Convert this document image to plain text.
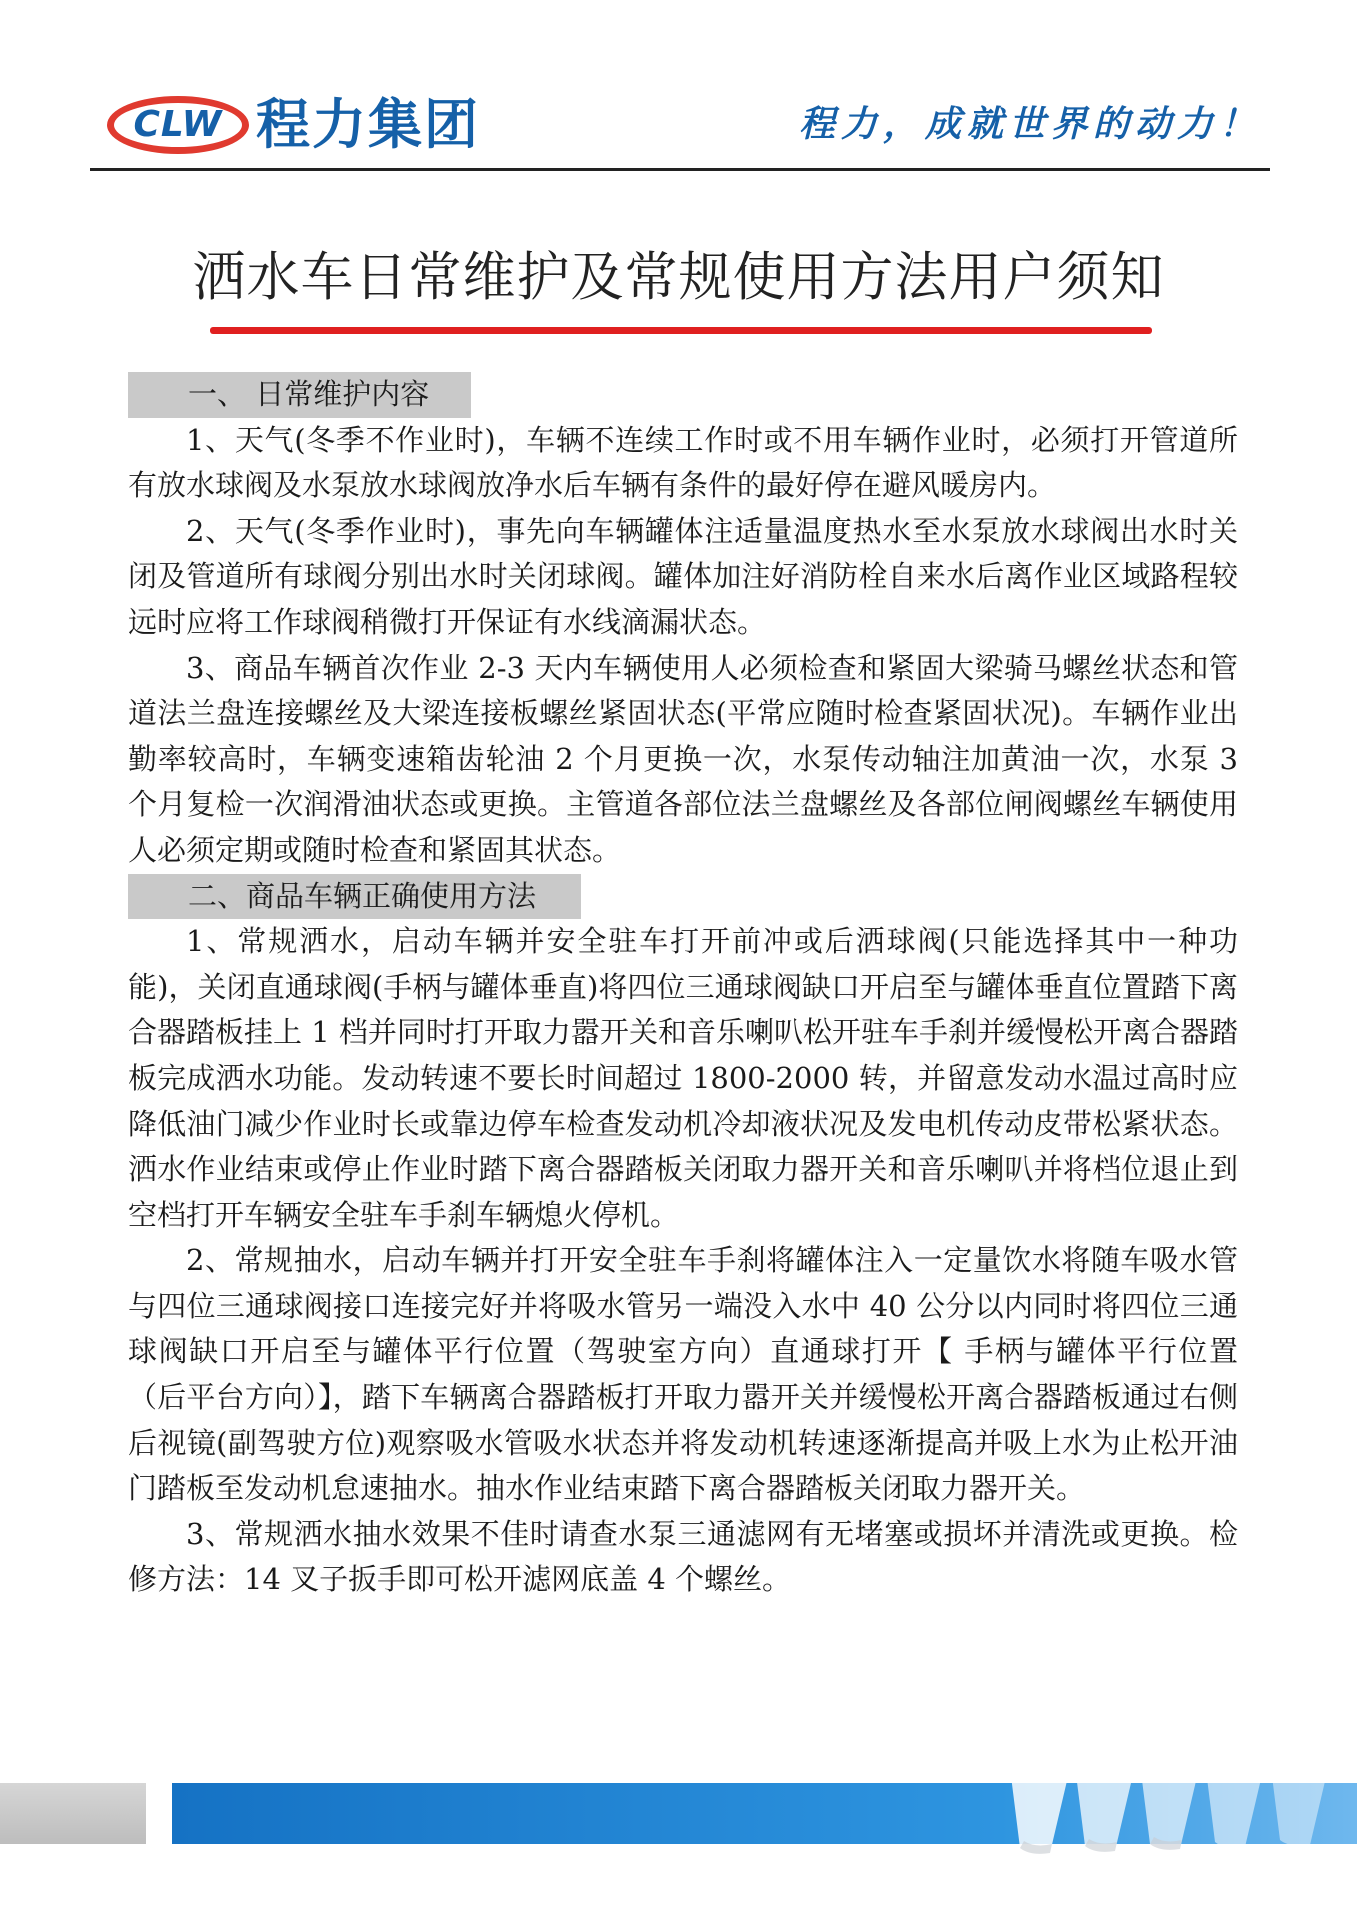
CLW 程力集团	程力，成就世界的动力！
洒水车日常维护及常规使用方法用户须知
一、 日常维护内容

1、天气(冬季不作业时)，车辆不连续工作时或不用车辆作业时，必须打开管道所有放水球阀及水泵放水球阀放净水后车辆有条件的最好停在避风暖房内。

2、天气(冬季作业时)，事先向车辆罐体注适量温度热水至水泵放水球阀出水时关闭及管道所有球阀分别出水时关闭球阀。罐体加注好消防栓自来水后离作业区域路程较远时应将工作球阀稍微打开保证有水线滴漏状态。

3、商品车辆首次作业 2-3 天内车辆使用人必须检查和紧固大梁骑马螺丝状态和管道法兰盘连接螺丝及大梁连接板螺丝紧固状态(平常应随时检查紧固状况)。车辆作业出勤率较高时，车辆变速箱齿轮油 2 个月更换一次，水泵传动轴注加黄油一次，水泵 3 个月复检一次润滑油状态或更换。主管道各部位法兰盘螺丝及各部位闸阀螺丝车辆使用人必须定期或随时检查和紧固其状态。

二、商品车辆正确使用方法

1、常规洒水，启动车辆并安全驻车打开前冲或后洒球阀(只能选择其中一种功能)，关闭直通球阀(手柄与罐体垂直)将四位三通球阀缺口开启至与罐体垂直位置踏下离合器踏板挂上 1 档并同时打开取力嚣开关和音乐喇叭松开驻车手刹并缓慢松开离合器踏板完成洒水功能。发动转速不要长时间超过 1800-2000 转，并留意发动水温过高时应降低油门减少作业时长或靠边停车检查发动机冷却液状况及发电机传动皮带松紧状态。洒水作业结束或停止作业时踏下离合器踏板关闭取力器开关和音乐喇叭并将档位退止到空档打开车辆安全驻车手刹车辆熄火停机。

2、常规抽水，启动车辆并打开安全驻车手刹将罐体注入一定量饮水将随车吸水管与四位三通球阀接口连接完好并将吸水管另一端没入水中 40 公分以内同时将四位三通球阀缺口开启至与罐体平行位置（驾驶室方向）直通球打开【 手柄与罐体平行位置（后平台方向）】，踏下车辆离合器踏板打开取力嚣开关并缓慢松开离合器踏板通过右侧后视镜(副驾驶方位)观察吸水管吸水状态并将发动机转速逐渐提高并吸上水为止松开油门踏板至发动机怠速抽水。抽水作业结束踏下离合器踏板关闭取力器开关。

3、常规洒水抽水效果不佳时请查水泵三通滤网有无堵塞或损坏并清洗或更换。检修方法：14 叉子扳手即可松开滤网底盖 4 个螺丝。
